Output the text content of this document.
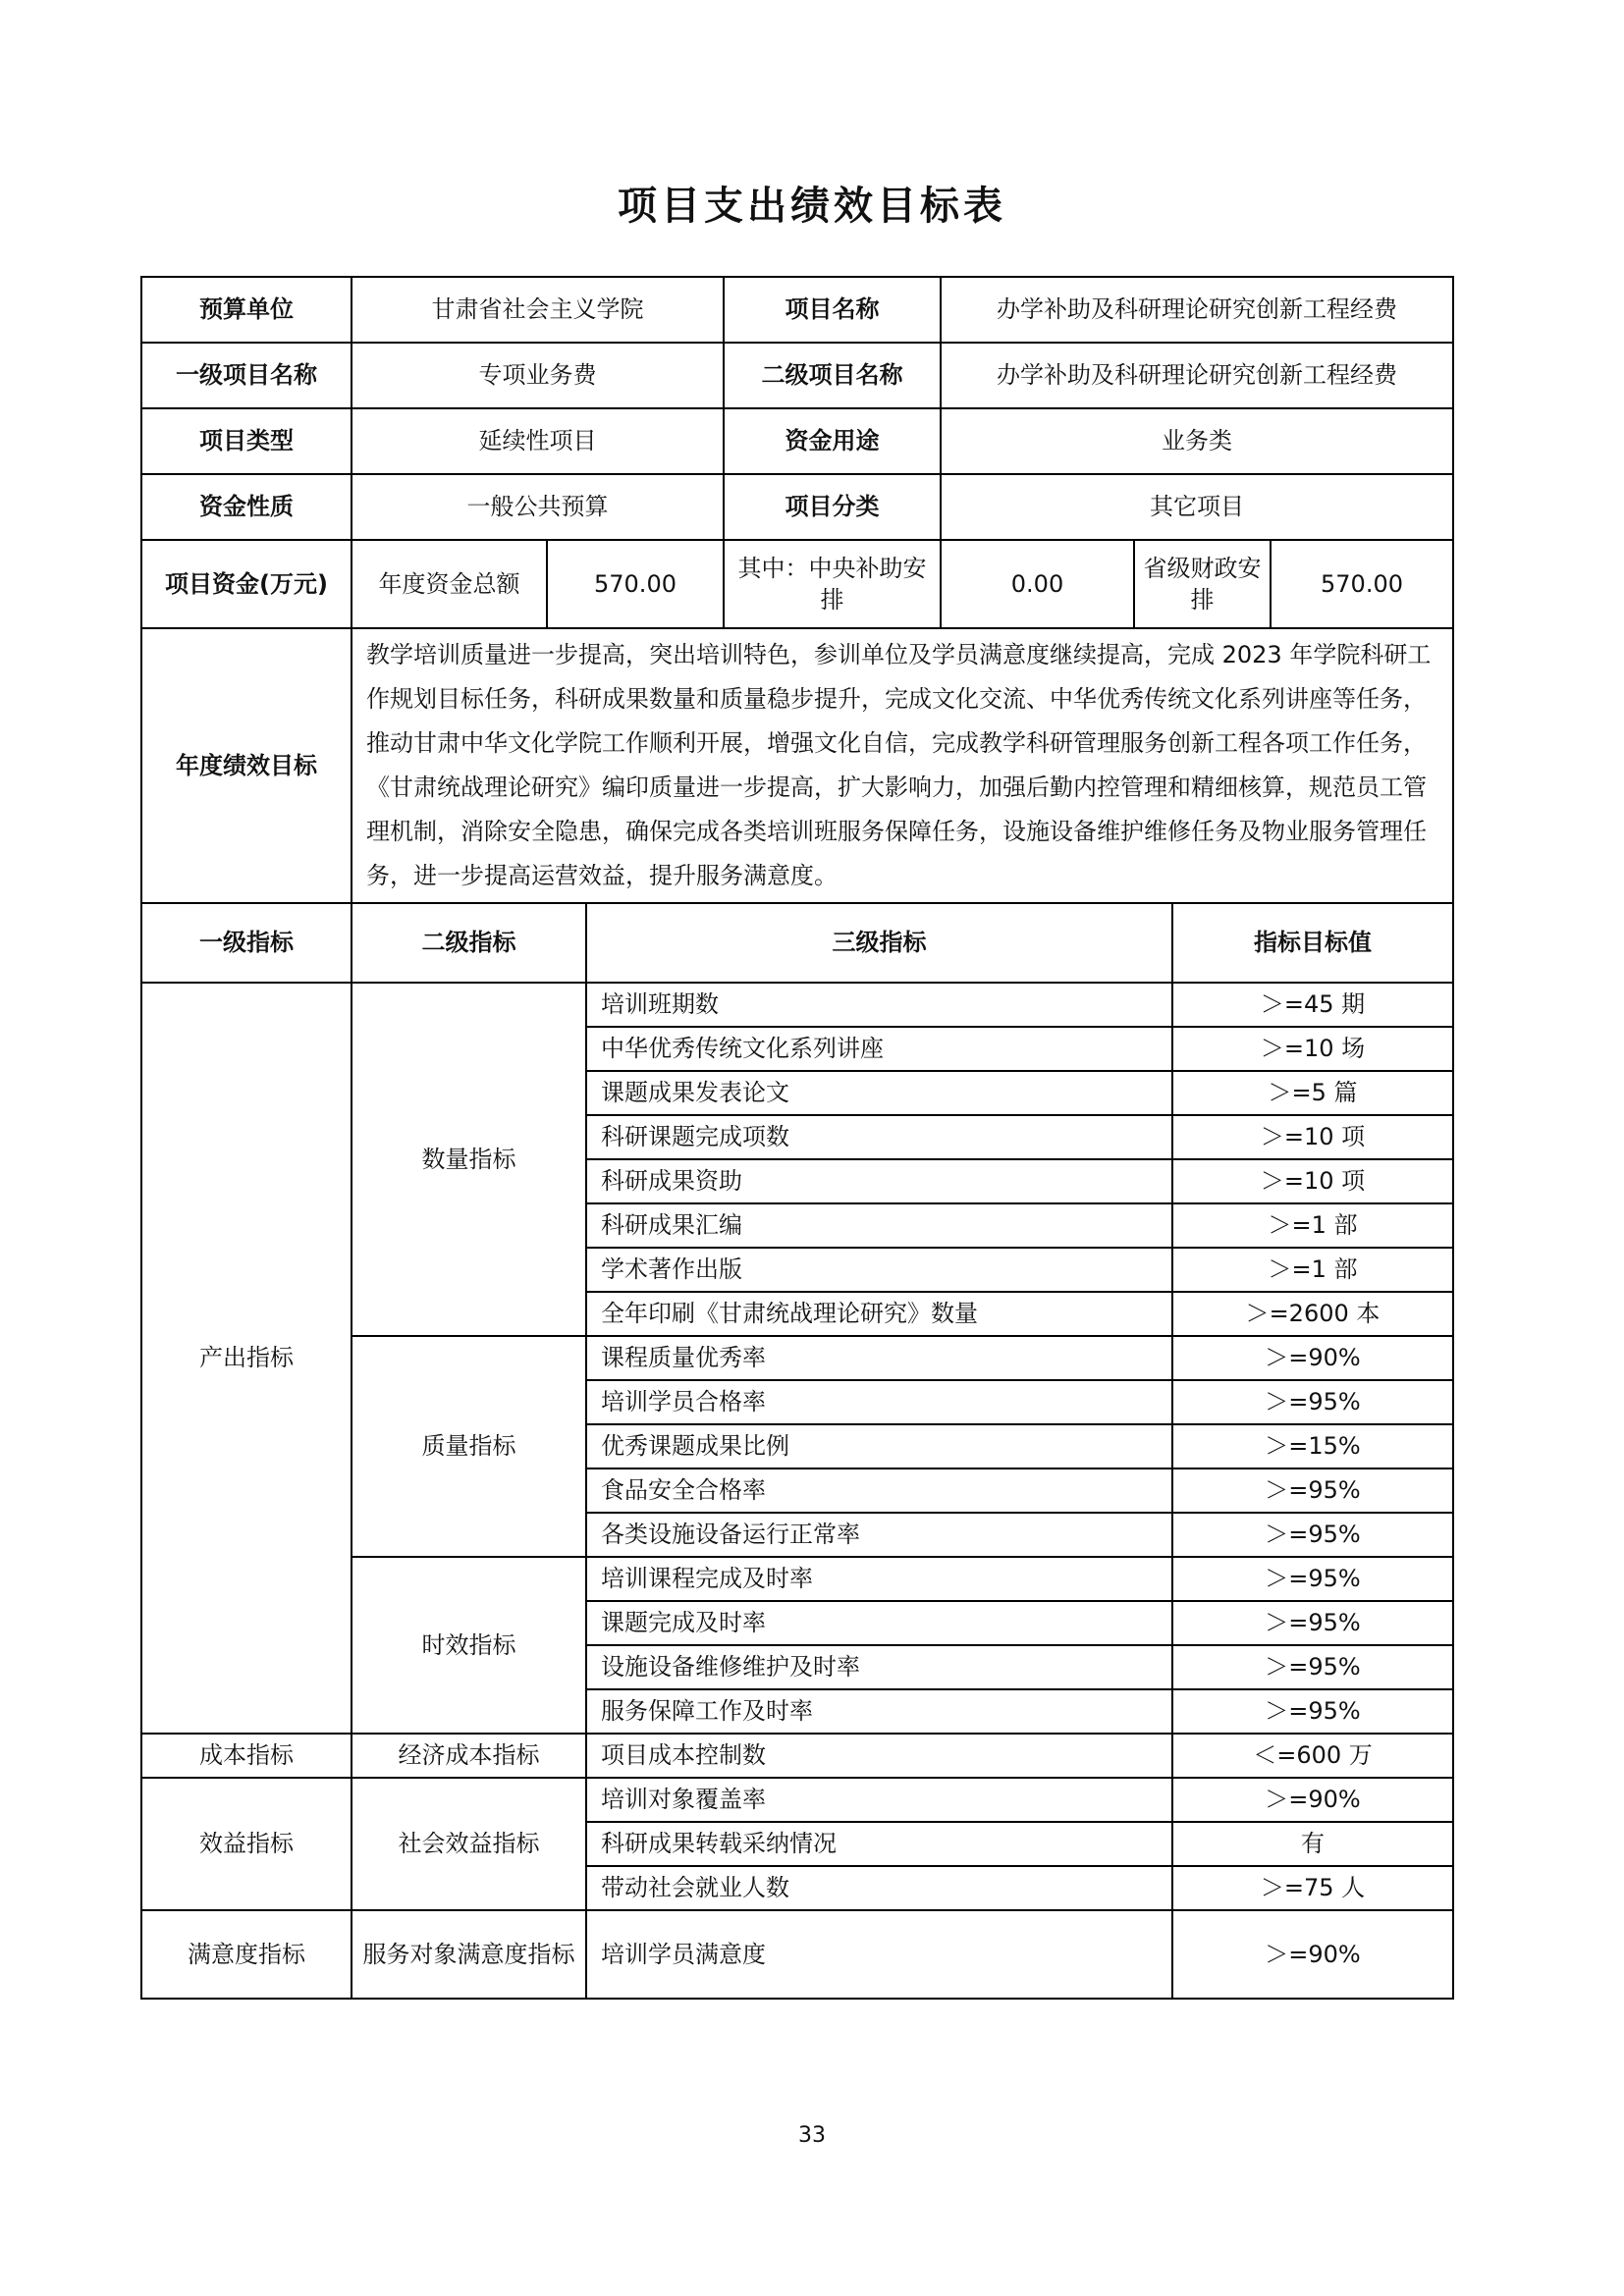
项目支出绩效目标表
预算单位	甘肃省社会主义学院		项目名称	办学补助及科研理论研究创新工程经费		
一级项目名称	专项业务费		二级项目名称	办学补助及科研理论研究创新工程经费		
项目类型	延续性项目		资金用途	业务类		
资金性质	一般公共预算		项目分类	其它项目		
项目资金(万元)	年度资金总额	570.00	其中：中央补助安排	0.00	省级财政安排	570.00
年度绩效目标	教学培训质量进一步提高，突出培训特色，参训单位及学员满意度继续提高，完成 2023 年学院科研工作规划目标任务，科研成果数量和质量稳步提升，完成文化交流、中华优秀传统文化系列讲座等任务，推动甘肃中华文化学院工作顺利开展，增强文化自信，完成教学科研管理服务创新工程各项工作任务，《甘肃统战理论研究》编印质量进一步提高，扩大影响力，加强后勤内控管理和精细核算，规范员工管理机制，消除安全隐患，确保完成各类培训班服务保障任务，设施设备维护维修任务及物业服务管理任务，进一步提高运营效益，提升服务满意度。					
一级指标	二级指标	三级指标	指标目标值
产出指标	数量指标	培训班期数	＞=45 期
		中华优秀传统文化系列讲座	＞=10 场
		课题成果发表论文	＞=5 篇
		科研课题完成项数	＞=10 项
		科研成果资助	＞=10 项
		科研成果汇编	＞=1 部
		学术著作出版	＞=1 部
		全年印刷《甘肃统战理论研究》数量	＞=2600 本
	质量指标	课程质量优秀率	＞=90%
		培训学员合格率	＞=95%
		优秀课题成果比例	＞=15%
		食品安全合格率	＞=95%
		各类设施设备运行正常率	＞=95%
	时效指标	培训课程完成及时率	＞=95%
		课题完成及时率	＞=95%
		设施设备维修维护及时率	＞=95%
		服务保障工作及时率	＞=95%
成本指标	经济成本指标	项目成本控制数	＜=600 万
效益指标	社会效益指标	培训对象覆盖率	＞=90%
		科研成果转载采纳情况	有
		带动社会就业人数	＞=75 人
满意度指标	服务对象满意度指标	培训学员满意度	＞=90%
33
